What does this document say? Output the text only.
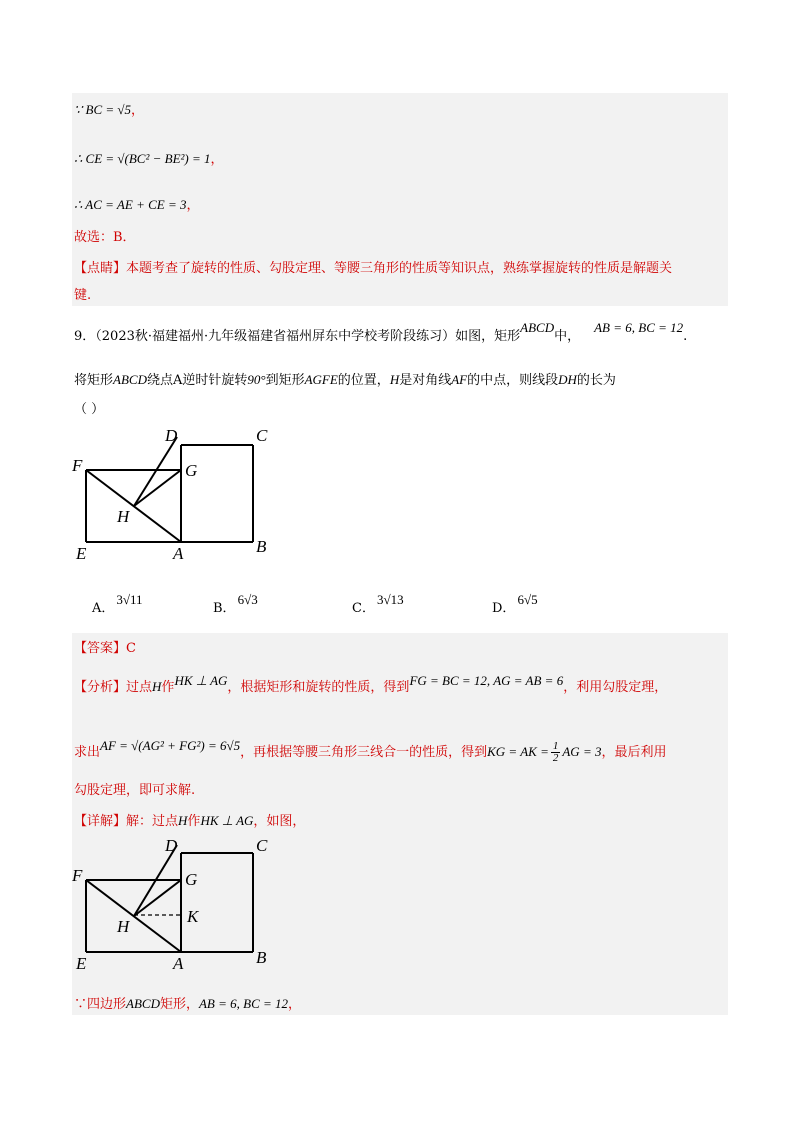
∵ BC = √5，
∴ CE = √(BC² − BE²) = 1，
∴ AC = AE + CE = 3，
故选：B．
【点睛】本题考查了旋转的性质、勾股定理、等腰三角形的性质等知识点，熟练掌握旋转的性质是解题关
键.
9．（2023秋·福建福州·九年级福建省福州屏东中学校考阶段练习）如图，矩形ABCD中，AB = 6, BC = 12.
将矩形ABCD绕点A逆时针旋转90°到矩形AGFE的位置，H是对角线AF的中点，则线段DH的长为
（ ）
D	C
F	G
H
E	A	B
A．3√11
B．6√3
C．3√13
D．6√5
【答案】C
【分析】过点H作HK ⊥ AG，根据矩形和旋转的性质，得到FG = BC = 12, AG = AB = 6，利用勾股定理，
求出AF = √(AG² + FG²) = 6√5，再根据等腰三角形三线合一的性质，得到KG = AK = $\frac{1}{2}$ AG = 3，最后利用
勾股定理，即可求解.
【详解】解：过点H作HK ⊥ AG，如图，
D	C
F	G
H
K
E	A	B
∵四边形ABCD矩形，AB = 6, BC = 12，
